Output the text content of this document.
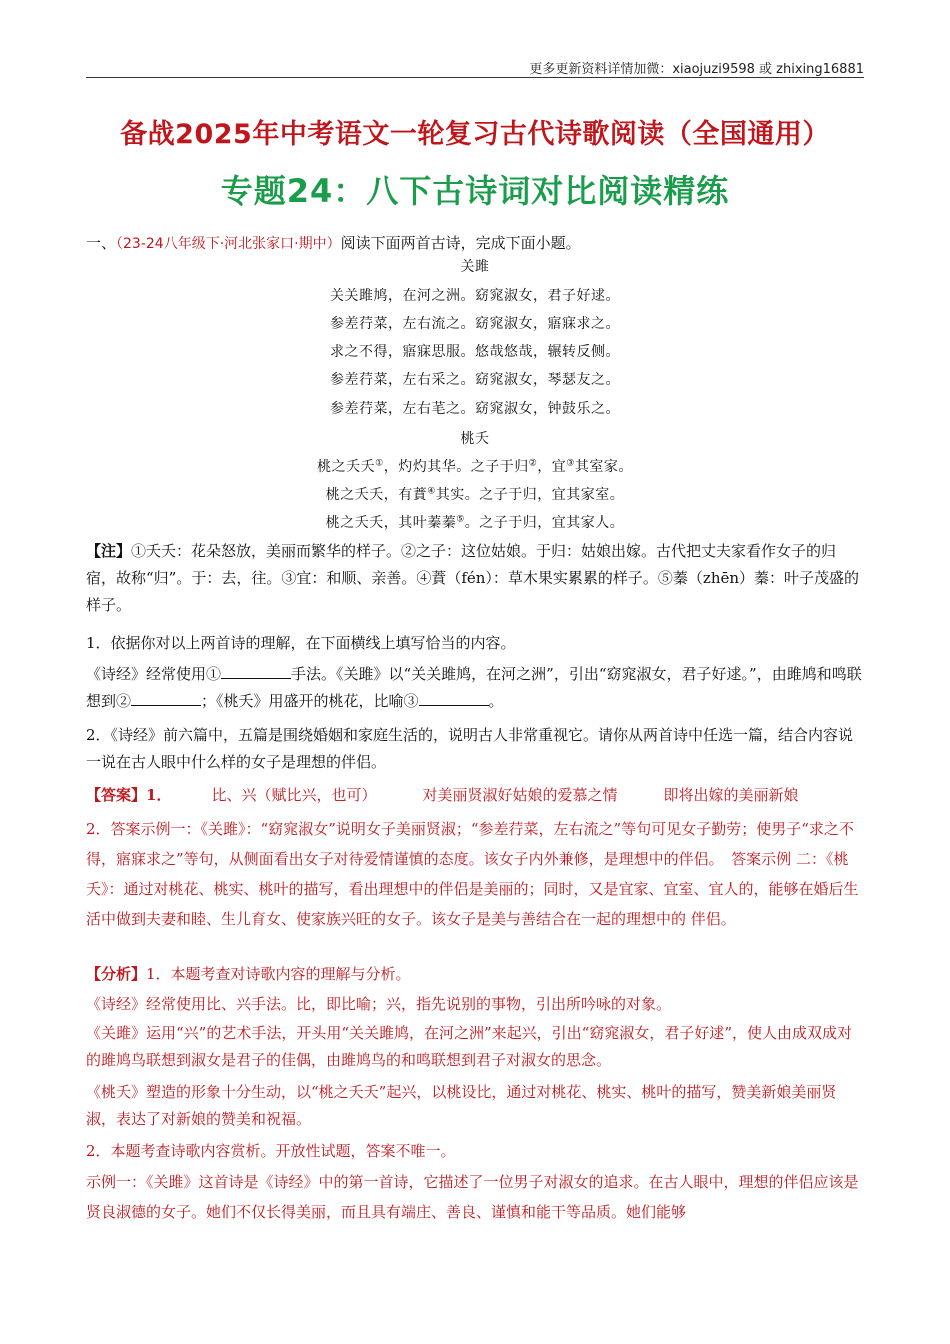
更多更新资料详情加微：xiaojuzi9598 或 zhixing16881
备战2025年中考语文一轮复习古代诗歌阅读（全国通用）
专题24：八下古诗词对比阅读精练
一、（23-24八年级下·河北张家口·期中）阅读下面两首古诗，完成下面小题。
关雎
关关雎鸠，在河之洲。窈窕淑女，君子好逑。
参差荇菜，左右流之。窈窕淑女，寤寐求之。
求之不得，寤寐思服。悠哉悠哉，辗转反侧。
参差荇菜，左右采之。窈窕淑女，琴瑟友之。
参差荇菜，左右芼之。窈窕淑女，钟鼓乐之。
桃夭
桃之夭夭①，灼灼其华。之子于归②，宜③其室家。
桃之夭夭，有蕡④其实。之子于归，宜其家室。
桃之夭夭，其叶蓁蓁⑤。之子于归，宜其家人。
【注】①夭夭：花朵怒放，美丽而繁华的样子。②之子：这位姑娘。于归：姑娘出嫁。古代把丈夫家看作女子的归宿，故称“归”。于：去，往。③宜：和顺、亲善。④蕡（fén）：草木果实累累的样子。⑤蓁（zhēn）蓁：叶子茂盛的样子。
1．依据你对以上两首诗的理解，在下面横线上填写恰当的内容。
《诗经》经常使用①	手法。《关雎》以“关关雎鸠，在河之洲”，引出“窈窕淑女，君子好逑。”，由雎鸠和鸣联想到②	；《桃夭》用盛开的桃花，比喻③	。
2．《诗经》前六篇中，五篇是围绕婚姻和家庭生活的，说明古人非常重视它。请你从两首诗中任选一篇，结合内容说一说在古人眼中什么样的女子是理想的伴侣。
【答案】1．	比、兴（赋比兴，也可）	对美丽贤淑好姑娘的爱慕之情	即将出嫁的美丽新娘
2．答案示例一：《关雎》：“窈窕淑女”说明女子美丽贤淑；“参差荇菜，左右流之”等句可见女子勤劳；使男子“求之不得，寤寐求之”等句，从侧面看出女子对待爱情谨慎的态度。该女子内外兼修，是理想中的伴侣。　答案示例 二：《桃夭》：通过对桃花、桃实、桃叶的描写，看出理想中的伴侣是美丽的；同时，又是宜家、宜室、宜人的，能够在婚后生活中做到夫妻和睦、生儿育女、使家族兴旺的女子。该女子是美与善结合在一起的理想中的 伴侣。
【分析】1．本题考查对诗歌内容的理解与分析。
《诗经》经常使用比、兴手法。比，即比喻；兴，指先说别的事物，引出所吟咏的对象。
《关雎》运用“兴”的艺术手法，开头用“关关雎鸠，在河之洲”来起兴，引出“窈窕淑女，君子好逑”，使人由成双成对的雎鸠鸟联想到淑女是君子的佳偶，由雎鸠鸟的和鸣联想到君子对淑女的思念。
《桃夭》塑造的形象十分生动，以“桃之夭夭”起兴，以桃设比，通过对桃花、桃实、桃叶的描写，赞美新娘美丽贤淑，表达了对新娘的赞美和祝福。
2．本题考查诗歌内容赏析。开放性试题，答案不唯一。
示例一：《关雎》这首诗是《诗经》中的第一首诗，它描述了一位男子对淑女的追求。在古人眼中，理想的伴侣应该是贤良淑德的女子。她们不仅长得美丽，而且具有端庄、善良、谨慎和能干等品质。她们能够
